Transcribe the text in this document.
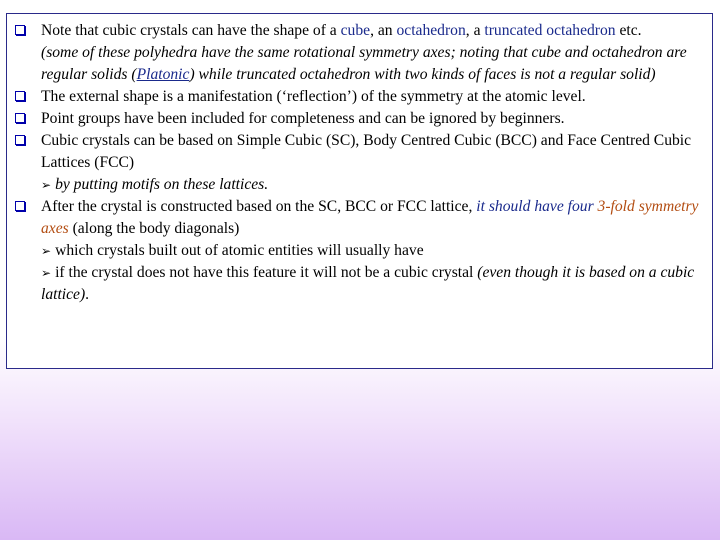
Note that cubic crystals can have the shape of a cube, an octahedron, a truncated octahedron etc.
(some of these polyhedra have the same rotational symmetry axes; noting that cube and octahedron are regular solids (Platonic) while truncated octahedron with two kinds of faces is not a regular solid)
The external shape is a manifestation (‘reflection’) of the symmetry at the atomic level.
Point groups have been included for completeness and can be ignored by beginners.
Cubic crystals can be based on Simple Cubic (SC), Body Centred Cubic (BCC) and Face Centred Cubic Lattices (FCC)
➢ by putting motifs on these lattices.
After the crystal is constructed based on the SC, BCC or FCC lattice, it should have four 3-fold symmetry axes (along the body diagonals)
➢ which crystals built out of atomic entities will usually have
➢ if the crystal does not have this feature it will not be a cubic crystal (even though it is based on a cubic lattice).
